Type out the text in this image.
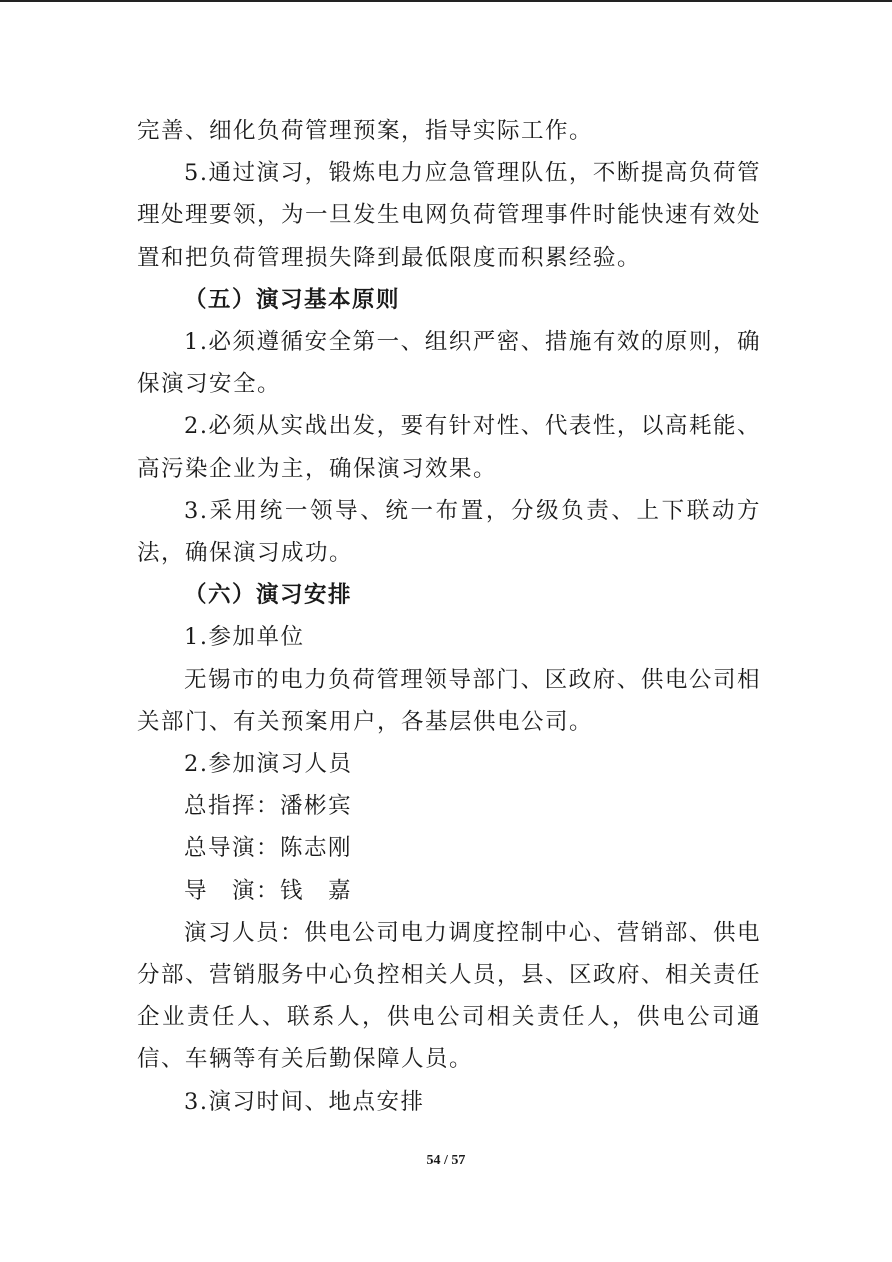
完善、细化负荷管理预案，指导实际工作。

5.通过演习，锻炼电力应急管理队伍，不断提高负荷管理处理要领，为一旦发生电网负荷管理事件时能快速有效处置和把负荷管理损失降到最低限度而积累经验。

（五）演习基本原则

1.必须遵循安全第一、组织严密、措施有效的原则，确保演习安全。

2.必须从实战出发，要有针对性、代表性，以高耗能、高污染企业为主，确保演习效果。

3.采用统一领导、统一布置，分级负责、上下联动方法，确保演习成功。

（六）演习安排

1.参加单位

无锡市的电力负荷管理领导部门、区政府、供电公司相关部门、有关预案用户，各基层供电公司。

2.参加演习人员

总指挥：潘彬宾

总导演：陈志刚

导　演：钱　嘉

演习人员：供电公司电力调度控制中心、营销部、供电分部、营销服务中心负控相关人员，县、区政府、相关责任企业责任人、联系人，供电公司相关责任人，供电公司通信、车辆等有关后勤保障人员。

3.演习时间、地点安排

54 / 57
